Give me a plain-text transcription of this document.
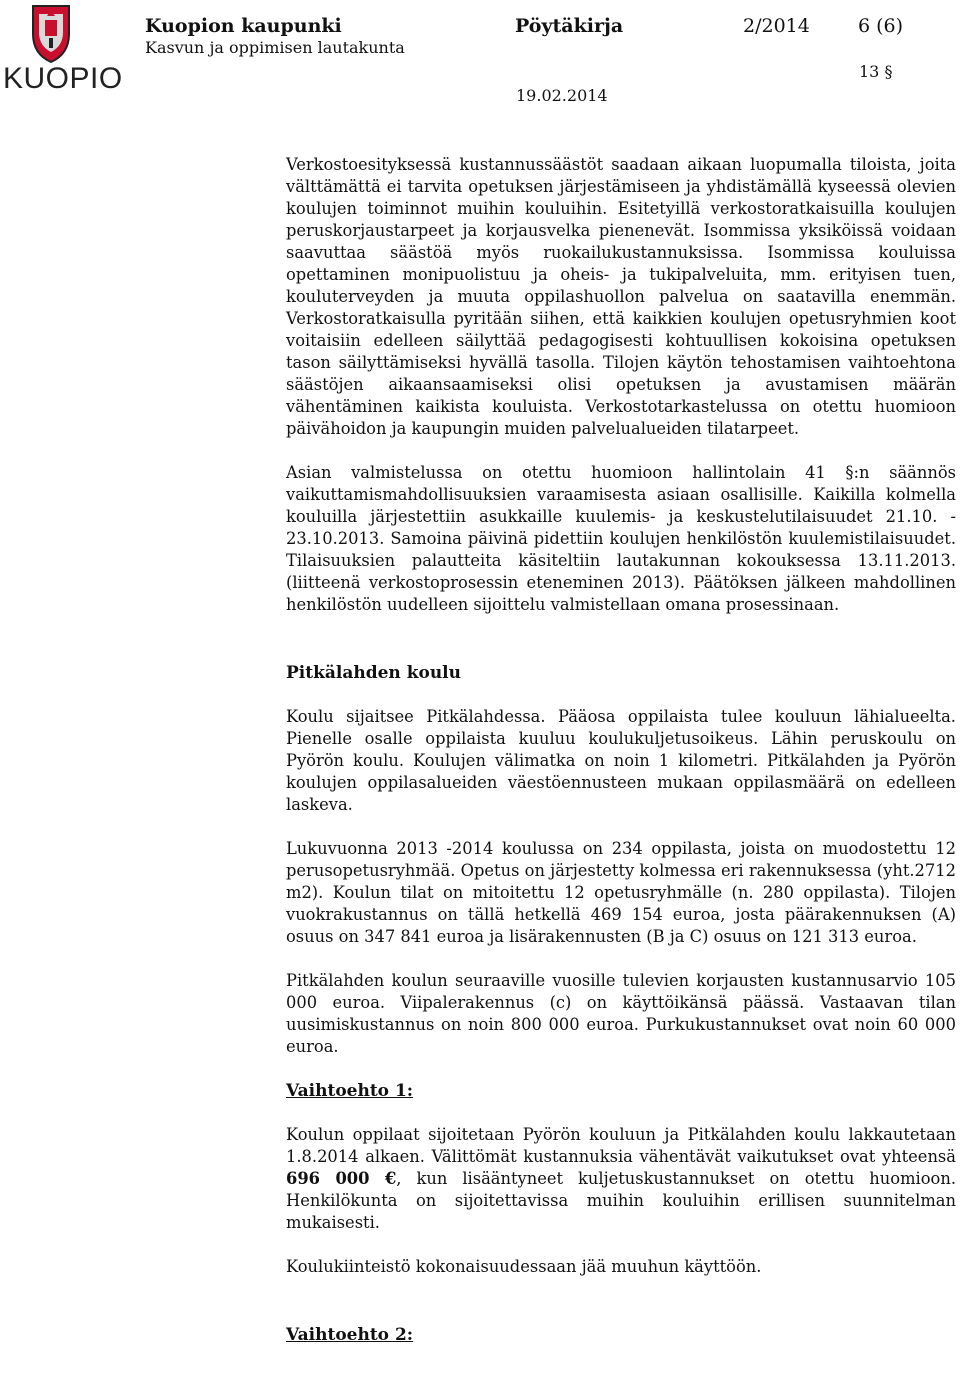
KUOPIO
Kuopion kaupunki
Kasvun ja oppimisen lautakunta
Pöytäkirja	2/2014	6 (6)
13 §
19.02.2014

Verkostoesityksessä kustannussäästöt saadaan aikaan luopumalla tiloista, joita välttämättä ei tarvita opetuksen järjestämiseen ja yhdistämällä kyseessä olevien koulujen toiminnot muihin kouluihin. Esitetyillä verkostoratkaisuilla koulujen peruskorjaustarpeet ja korjausvelka pienenevät. Isommissa yksiköissä voidaan saavuttaa säästöä myös ruokailukustannuksissa. Isommissa kouluissa opettaminen monipuolistuu ja oheis- ja tukipalveluita, mm. erityisen tuen, kouluterveyden ja muuta oppilashuollon palvelua on saatavilla enemmän. Verkostoratkaisulla pyritään siihen, että kaikkien koulujen opetusryhmien koot voitaisiin edelleen säilyttää pedagogisesti kohtuullisen kokoisina opetuksen tason säilyttämiseksi hyvällä tasolla. Tilojen käytön tehostamisen vaihtoehtona säästöjen aikaansaamiseksi olisi opetuksen ja avustamisen määrän vähentäminen kaikista kouluista. Verkostotarkastelussa on otettu huomioon päivähoidon ja kaupungin muiden palvelualueiden tilatarpeet.

Asian valmistelussa on otettu huomioon hallintolain 41 §:n säännös vaikuttamismahdollisuuksien varaamisesta asiaan osallisille. Kaikilla kolmella kouluilla järjestettiin asukkaille kuulemis- ja keskustelutilaisuudet 21.10. - 23.10.2013. Samoina päivinä pidettiin koulujen henkilöstön kuulemistilaisuudet. Tilaisuuksien palautteita käsiteltiin lautakunnan kokouksessa 13.11.2013. (liitteenä verkostoprosessin eteneminen 2013). Päätöksen jälkeen mahdollinen henkilöstön uudelleen sijoittelu valmistellaan omana prosessinaan.

Pitkälahden koulu

Koulu sijaitsee Pitkälahdessa. Pääosa oppilaista tulee kouluun lähialueelta. Pienelle osalle oppilaista kuuluu koulukuljetusoikeus. Lähin peruskoulu on Pyörön koulu. Koulujen välimatka on noin 1 kilometri. Pitkälahden ja Pyörön koulujen oppilasalueiden väestöennusteen mukaan oppilasmäärä on edelleen laskeva.

Lukuvuonna 2013 -2014 koulussa on 234 oppilasta, joista on muodostettu 12 perusopetusryhmää. Opetus on järjestetty kolmessa eri rakennuksessa (yht.2712 m2). Koulun tilat on mitoitettu 12 opetusryhmälle (n. 280 oppilasta). Tilojen vuokrakustannus on tällä hetkellä 469 154 euroa, josta päärakennuksen (A) osuus on 347 841 euroa ja lisärakennusten (B ja C) osuus on 121 313 euroa.

Pitkälahden koulun seuraaville vuosille tulevien korjausten kustannusarvio 105 000 euroa. Viipalerakennus (c) on käyttöikänsä päässä. Vastaavan tilan uusimiskustannus on noin 800 000 euroa. Purkukustannukset ovat noin 60 000 euroa.

Vaihtoehto 1:

Koulun oppilaat sijoitetaan Pyörön kouluun ja Pitkälahden koulu lakkautetaan 1.8.2014 alkaen. Välittömät kustannuksia vähentävät vaikutukset ovat yhteensä 696 000 €, kun lisääntyneet kuljetuskustannukset on otettu huomioon. Henkilökunta on sijoitettavissa muihin kouluihin erillisen suunnitelman mukaisesti.

Koulukiinteistö kokonaisuudessaan jää muuhun käyttöön.

Vaihtoehto 2:
